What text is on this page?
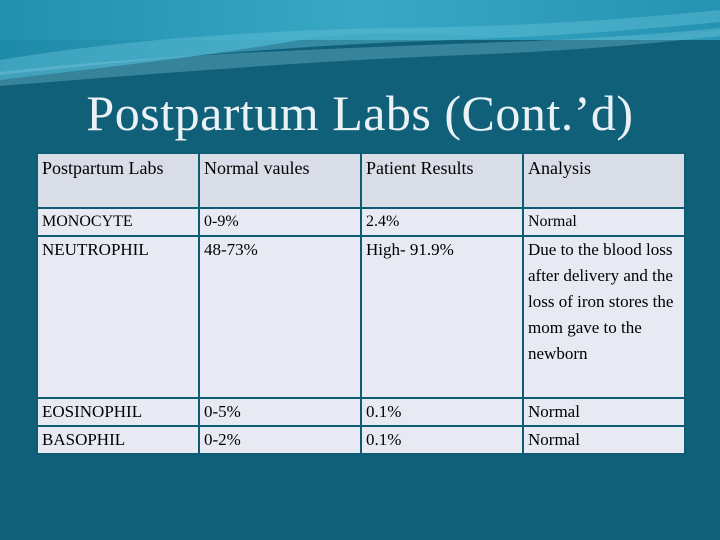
Postpartum Labs (Cont.’d)
Postpartum Labs	Normal vaules	Patient Results	Analysis
MONOCYTE	0-9%	2.4%	Normal
NEUTROPHIL	48-73%	High- 91.9%	Due to the blood loss after delivery and the loss of iron stores the mom gave to the newborn
EOSINOPHIL	0-5%	0.1%	Normal
BASOPHIL	0-2%	0.1%	Normal
